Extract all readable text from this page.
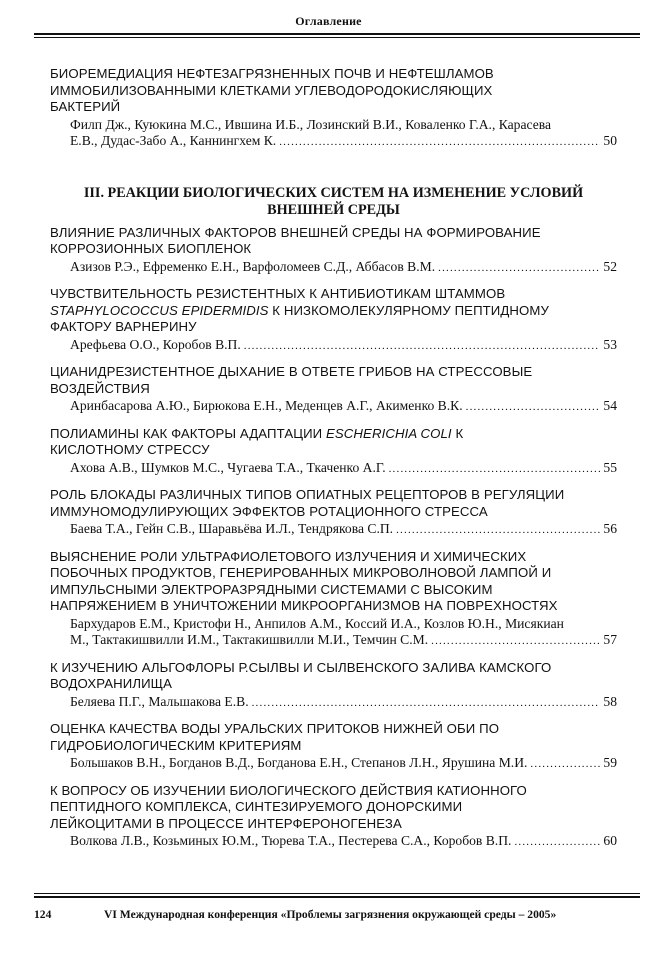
Оглавление
БИОРЕМЕДИАЦИЯ НЕФТЕЗАГРЯЗНЕННЫХ ПОЧВ И НЕФТЕШЛАМОВ
ИММОБИЛИЗОВАННЫМИ КЛЕТКАМИ УГЛЕВОДОРОДОКИСЛЯЮЩИХ
БАКТЕРИЙ
Филп Дж., Куюкина М.С., Ившина И.Б., Лозинский В.И., Коваленко Г.А., Карасева
Е.В., Дудас-Забо А., Каннингхем К. .....	50
III. РЕАКЦИИ БИОЛОГИЧЕСКИХ СИСТЕМ НА ИЗМЕНЕНИЕ УСЛОВИЙ
ВНЕШНЕЙ СРЕДЫ
ВЛИЯНИЕ РАЗЛИЧНЫХ ФАКТОРОВ ВНЕШНЕЙ СРЕДЫ НА ФОРМИРОВАНИЕ
КОРРОЗИОННЫХ БИОПЛЕНОК
Азизов Р.Э., Ефременко Е.Н., Варфоломеев С.Д., Аббасов В.М. .....	52
ЧУВСТВИТЕЛЬНОСТЬ РЕЗИСТЕНТНЫХ К АНТИБИОТИКАМ ШТАММОВ
STAPHYLOCOCCUS EPIDERMIDIS К НИЗКОМОЛЕКУЛЯРНОМУ ПЕПТИДНОМУ
ФАКТОРУ ВАРНЕРИНУ
Арефьева О.О., Коробов В.П. .....	53
ЦИАНИДРЕЗИСТЕНТНОЕ ДЫХАНИЕ В ОТВЕТЕ ГРИБОВ НА СТРЕССОВЫЕ
ВОЗДЕЙСТВИЯ
Аринбасарова А.Ю., Бирюкова Е.Н., Меденцев А.Г., Акименко В.К. .....	54
ПОЛИАМИНЫ КАК ФАКТОРЫ АДАПТАЦИИ ESCHERICHIA COLI К
КИСЛОТНОМУ СТРЕССУ
Ахова А.В., Шумков М.С., Чугаева Т.А., Ткаченко А.Г. .....	55
РОЛЬ БЛОКАДЫ РАЗЛИЧНЫХ ТИПОВ ОПИАТНЫХ РЕЦЕПТОРОВ В РЕГУЛЯЦИИ
ИММУНОМОДУЛИРУЮЩИХ ЭФФЕКТОВ РОТАЦИОННОГО СТРЕССА
Баева Т.А., Гейн С.В., Шаравьёва И.Л., Тендрякова С.П. .....	56
ВЫЯСНЕНИЕ РОЛИ УЛЬТРАФИОЛЕТОВОГО ИЗЛУЧЕНИЯ И ХИМИЧЕСКИХ
ПОБОЧНЫХ ПРОДУКТОВ, ГЕНЕРИРОВАННЫХ МИКРОВОЛНОВОЙ ЛАМПОЙ И
ИМПУЛЬСНЫМИ ЭЛЕКТРОРАЗРЯДНЫМИ СИСТЕМАМИ С ВЫСОКИМ
НАПРЯЖЕНИЕМ В УНИЧТОЖЕНИИ МИКРООРГАНИЗМОВ НА ПОВРЕХНОСТЯХ
Бархударов Е.М., Кристофи Н., Анпилов А.М., Коссий И.А., Козлов Ю.Н., Мисякиан
М., Тактакишвилли И.М., Тактакишвилли М.И., Темчин С.М. .....	57
К ИЗУЧЕНИЮ АЛЬГОФЛОРЫ Р.СЫЛВЫ И СЫЛВЕНСКОГО ЗАЛИВА КАМСКОГО
ВОДОХРАНИЛИЩА
Беляева П.Г., Мальшакова Е.В. .....	58
ОЦЕНКА КАЧЕСТВА ВОДЫ УРАЛЬСКИХ ПРИТОКОВ НИЖНЕЙ ОБИ ПО
ГИДРОБИОЛОГИЧЕСКИМ КРИТЕРИЯМ
Большаков В.Н., Богданов В.Д., Богданова Е.Н., Степанов Л.Н., Ярушина М.И. .....	59
К ВОПРОСУ ОБ ИЗУЧЕНИИ БИОЛОГИЧЕСКОГО ДЕЙСТВИЯ КАТИОННОГО
ПЕПТИДНОГО КОМПЛЕКСА, СИНТЕЗИРУЕМОГО ДОНОРСКИМИ
ЛЕЙКОЦИТАМИ В ПРОЦЕССЕ ИНТЕРФЕРОНОГЕНЕЗА
Волкова Л.В., Козьминых Ю.М., Тюрева Т.А., Пестерева С.А., Коробов В.П. .....	60
124	VI Международная конференция «Проблемы загрязнения окружающей среды – 2005»
